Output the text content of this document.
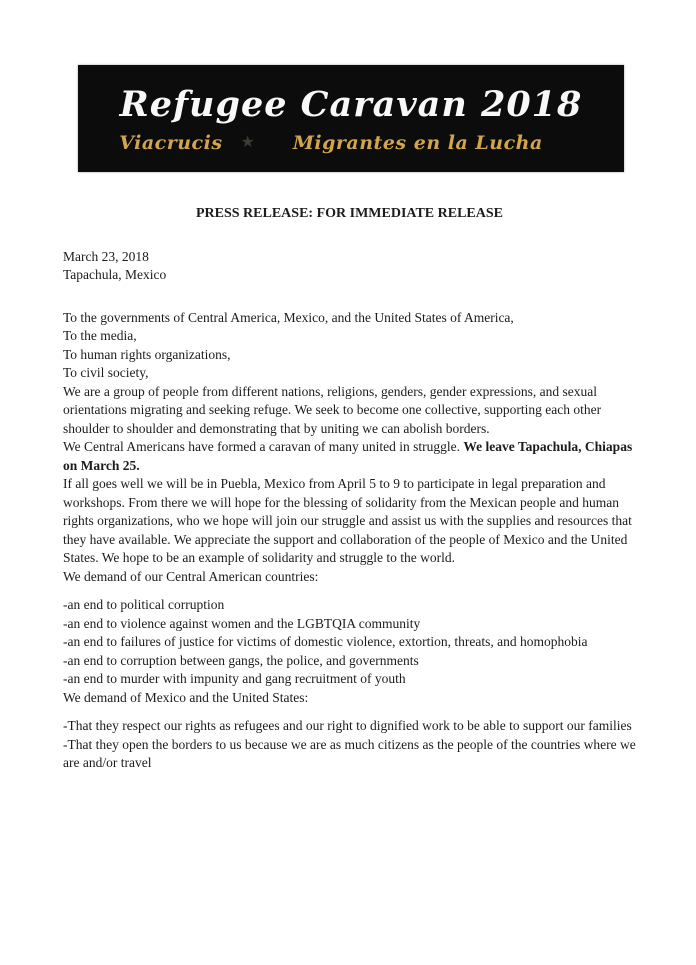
Refugee Caravan 2018
Viacrucis ★ Migrantes en la Lucha

PRESS RELEASE: FOR IMMEDIATE RELEASE

March 23, 2018
Tapachula, Mexico
To the governments of Central America, Mexico, and the United States of America,
To the media,
To human rights organizations,
To civil society,

We are a group of people from different nations, religions, genders, gender expressions, and sexual orientations migrating and seeking refuge. We seek to become one collective, supporting each other shoulder to shoulder and demonstrating that by uniting we can abolish borders.

We Central Americans have formed a caravan of many united in struggle. We leave Tapachula, Chiapas on March 25.

If all goes well we will be in Puebla, Mexico from April 5 to 9 to participate in legal preparation and workshops. From there we will hope for the blessing of solidarity from the Mexican people and human rights organizations, who we hope will join our struggle and assist us with the supplies and resources that they have available. We appreciate the support and collaboration of the people of Mexico and the United States. We hope to be an example of solidarity and struggle to the world.

We demand of our Central American countries:

-an end to political corruption
-an end to violence against women and the LGBTQIA community
-an end to failures of justice for victims of domestic violence, extortion, threats, and homophobia
-an end to corruption between gangs, the police, and governments
-an end to murder with impunity and gang recruitment of youth

We demand of Mexico and the United States:

-That they respect our rights as refugees and our right to dignified work to be able to support our families
-That they open the borders to us because we are as much citizens as the people of the countries where we are and/or travel
